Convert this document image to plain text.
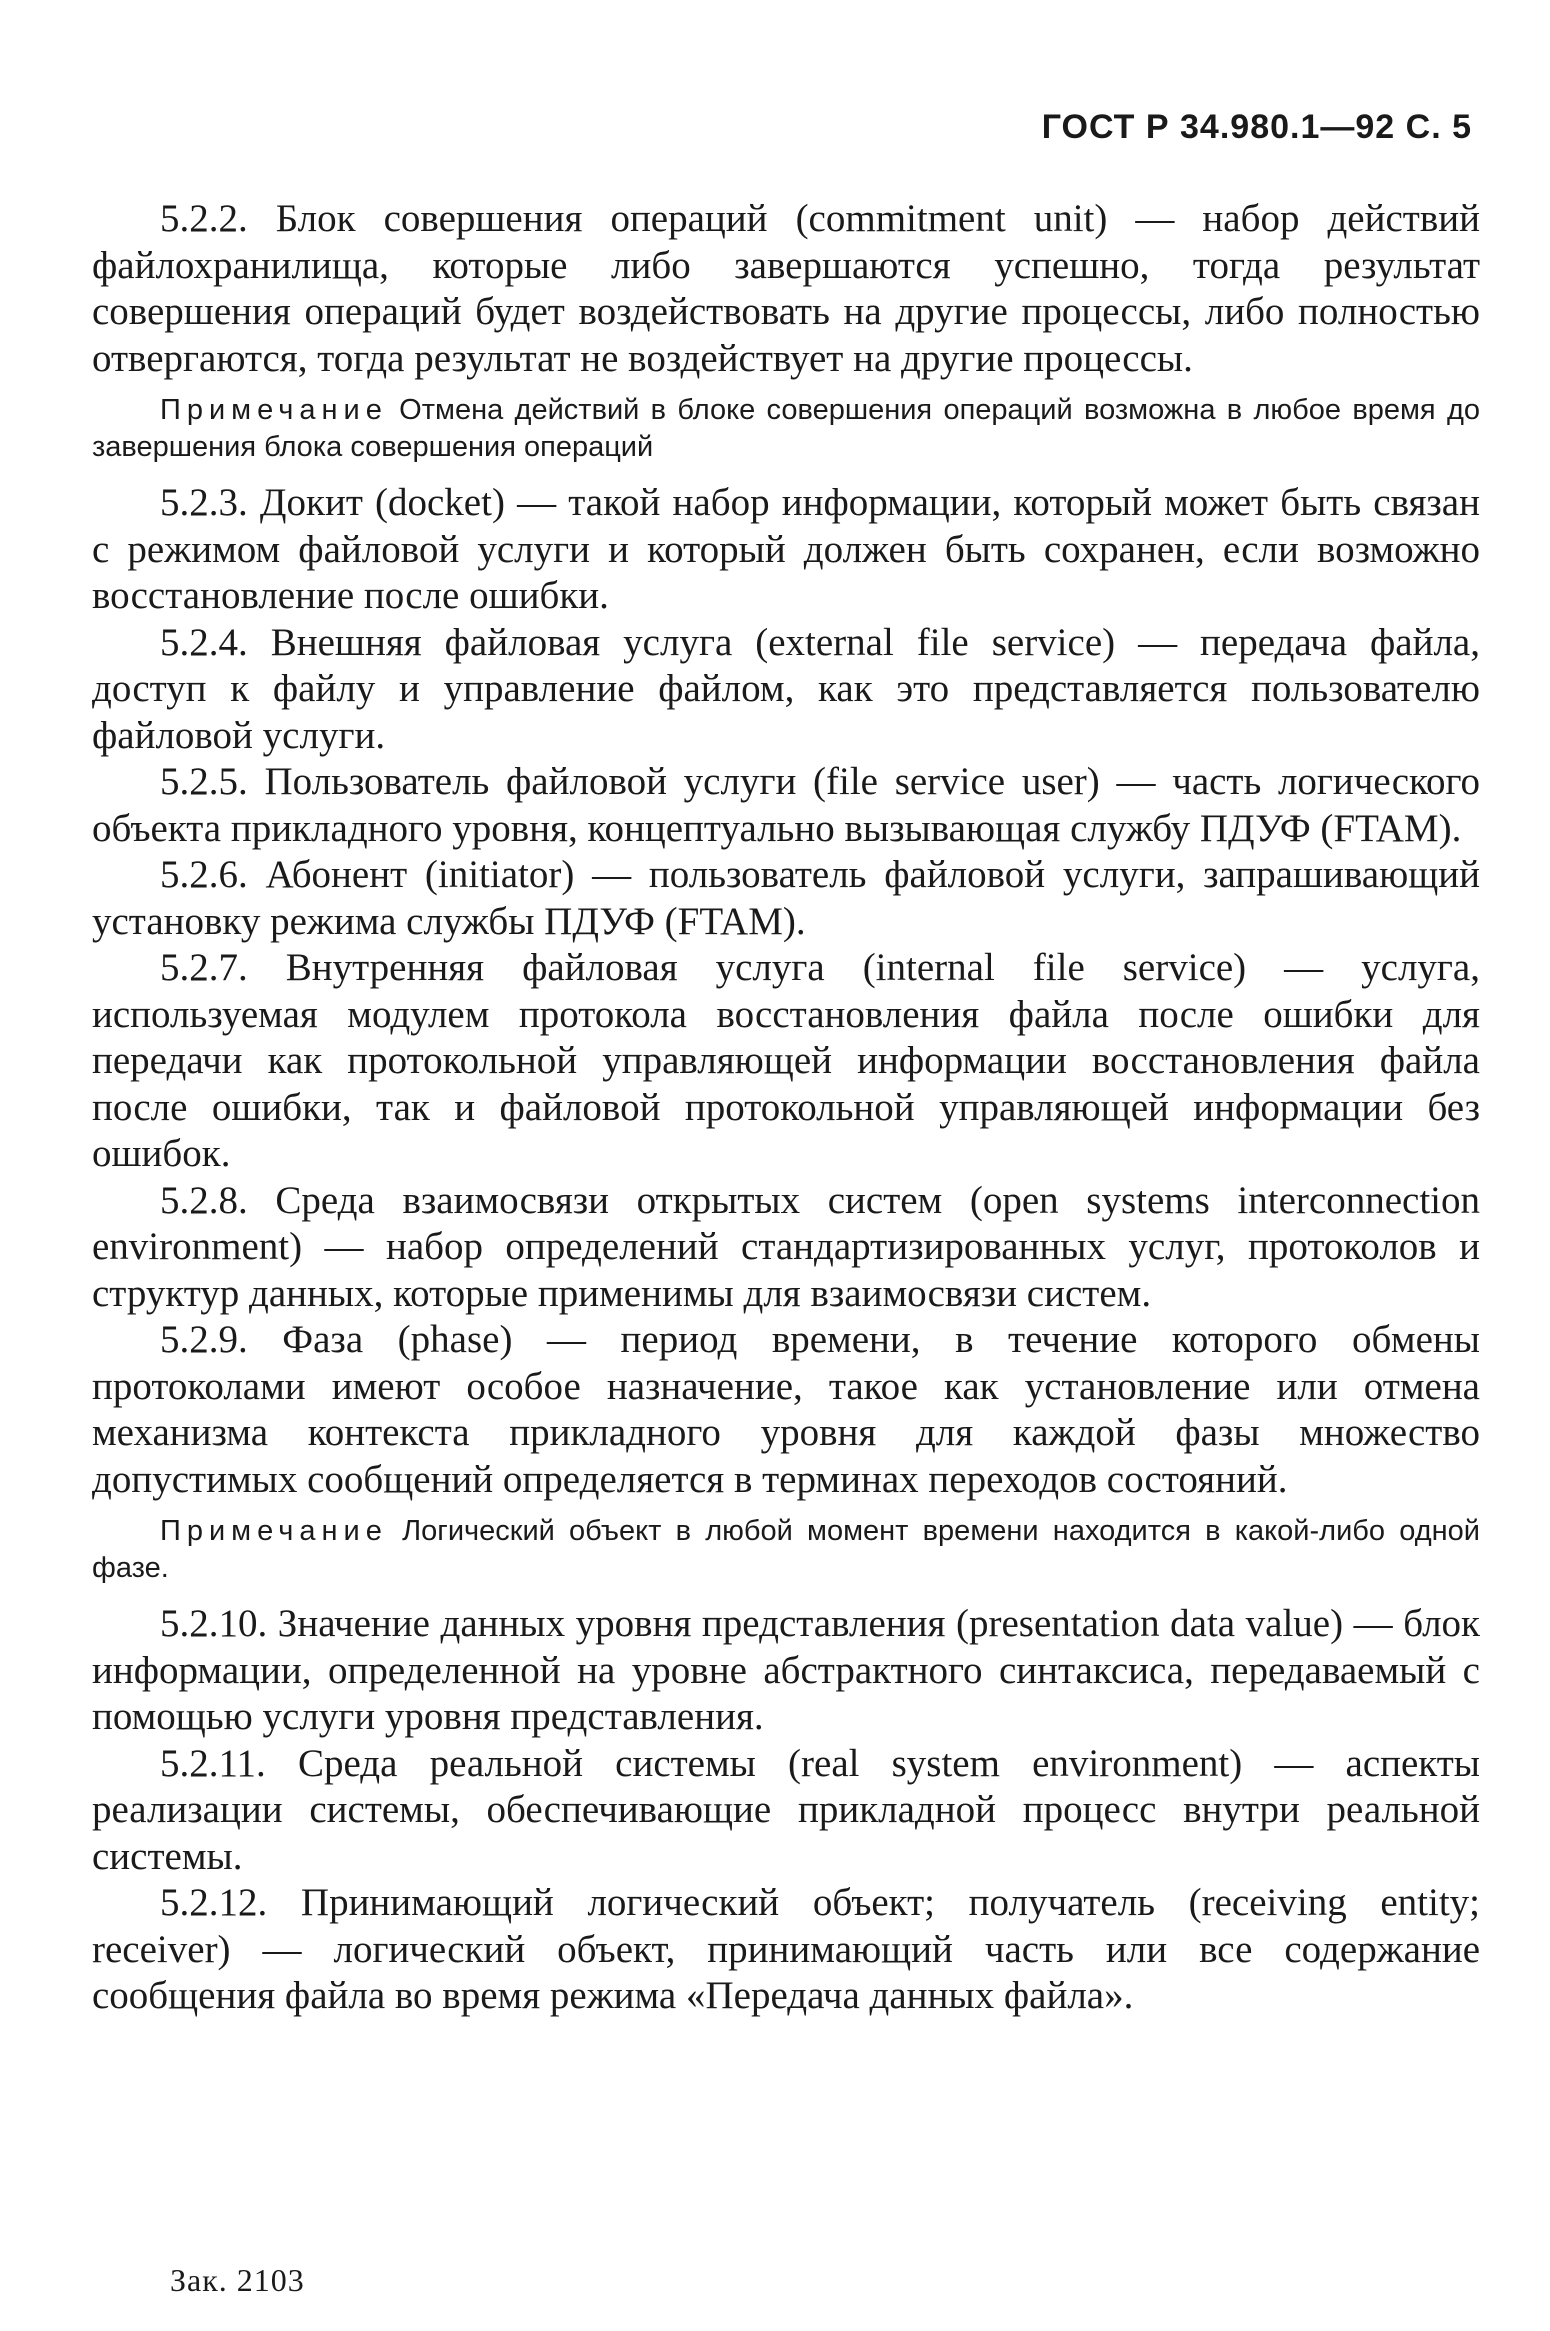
ГОСТ Р 34.980.1—92 С. 5

5.2.2. Блок совершения операций (commitment unit) — набор действий файлохранилища, которые либо завершаются успешно, тогда результат совершения операций будет воздействовать на другие процессы, либо полностью отвергаются, тогда результат не воздействует на другие процессы.

Примечание Отмена действий в блоке совершения операций возможна в любое время до завершения блока совершения операций

5.2.3. Докит (docket) — такой набор информации, который может быть связан с режимом файловой услуги и который должен быть сохранен, если возможно восстановление после ошибки.

5.2.4. Внешняя файловая услуга (external file service) — передача файла, доступ к файлу и управление файлом, как это представляется пользователю файловой услуги.

5.2.5. Пользователь файловой услуги (file service user) — часть логического объекта прикладного уровня, концептуально вызывающая службу ПДУФ (FTAM).

5.2.6. Абонент (initiator) — пользователь файловой услуги, запрашивающий установку режима службы ПДУФ (FTAM).

5.2.7. Внутренняя файловая услуга (internal file service) — услуга, используемая модулем протокола восстановления файла после ошибки для передачи как протокольной управляющей информации восстановления файла после ошибки, так и файловой протокольной управляющей информации без ошибок.

5.2.8. Среда взаимосвязи открытых систем (open systems interconnection environment) — набор определений стандартизированных услуг, протоколов и структур данных, которые применимы для взаимосвязи систем.

5.2.9. Фаза (phase) — период времени, в течение которого обмены протоколами имеют особое назначение, такое как установление или отмена механизма контекста прикладного уровня для каждой фазы множество допустимых сообщений определяется в терминах переходов состояний.

Примечание Логический объект в любой момент времени находится в какой-либо одной фазе.

5.2.10. Значение данных уровня представления (presentation data value) — блок информации, определенной на уровне абстрактного синтаксиса, передаваемый с помощью услуги уровня представления.

5.2.11. Среда реальной системы (real system environment) — аспекты реализации системы, обеспечивающие прикладной процесс внутри реальной системы.

5.2.12. Принимающий логический объект; получатель (receiving entity; receiver) — логический объект, принимающий часть или все содержание сообщения файла во время режима «Передача данных файла».

Зак. 2103
